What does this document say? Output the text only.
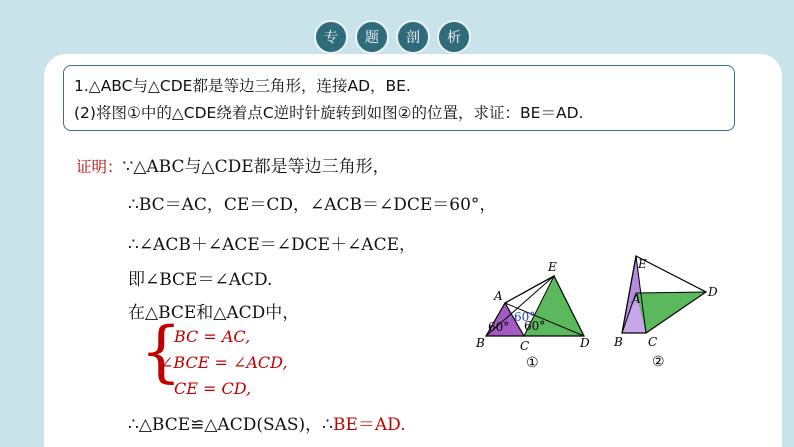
专	题	剖	析
1.△ABC与△CDE都是等边三角形，连接AD，BE.
(2)将图①中的△CDE绕着点C逆时针旋转到如图②的位置，求证：BE＝AD.
证明：∵△ABC与△CDE都是等边三角形，
∴BC＝AC，CE＝CD，∠ACB＝∠DCE＝60°，
∴∠ACB＋∠ACE＝∠DCE＋∠ACE，
即∠BCE＝∠ACD.
在△BCE和△ACD中，
{
BC = AC,
∠BCE = ∠ACD,
CE = CD,
∴△BCE≌△ACD(SAS)，∴BE＝AD.
60°
60°
60°
A
B	C	D
E
①
E
A
B C
D
②
